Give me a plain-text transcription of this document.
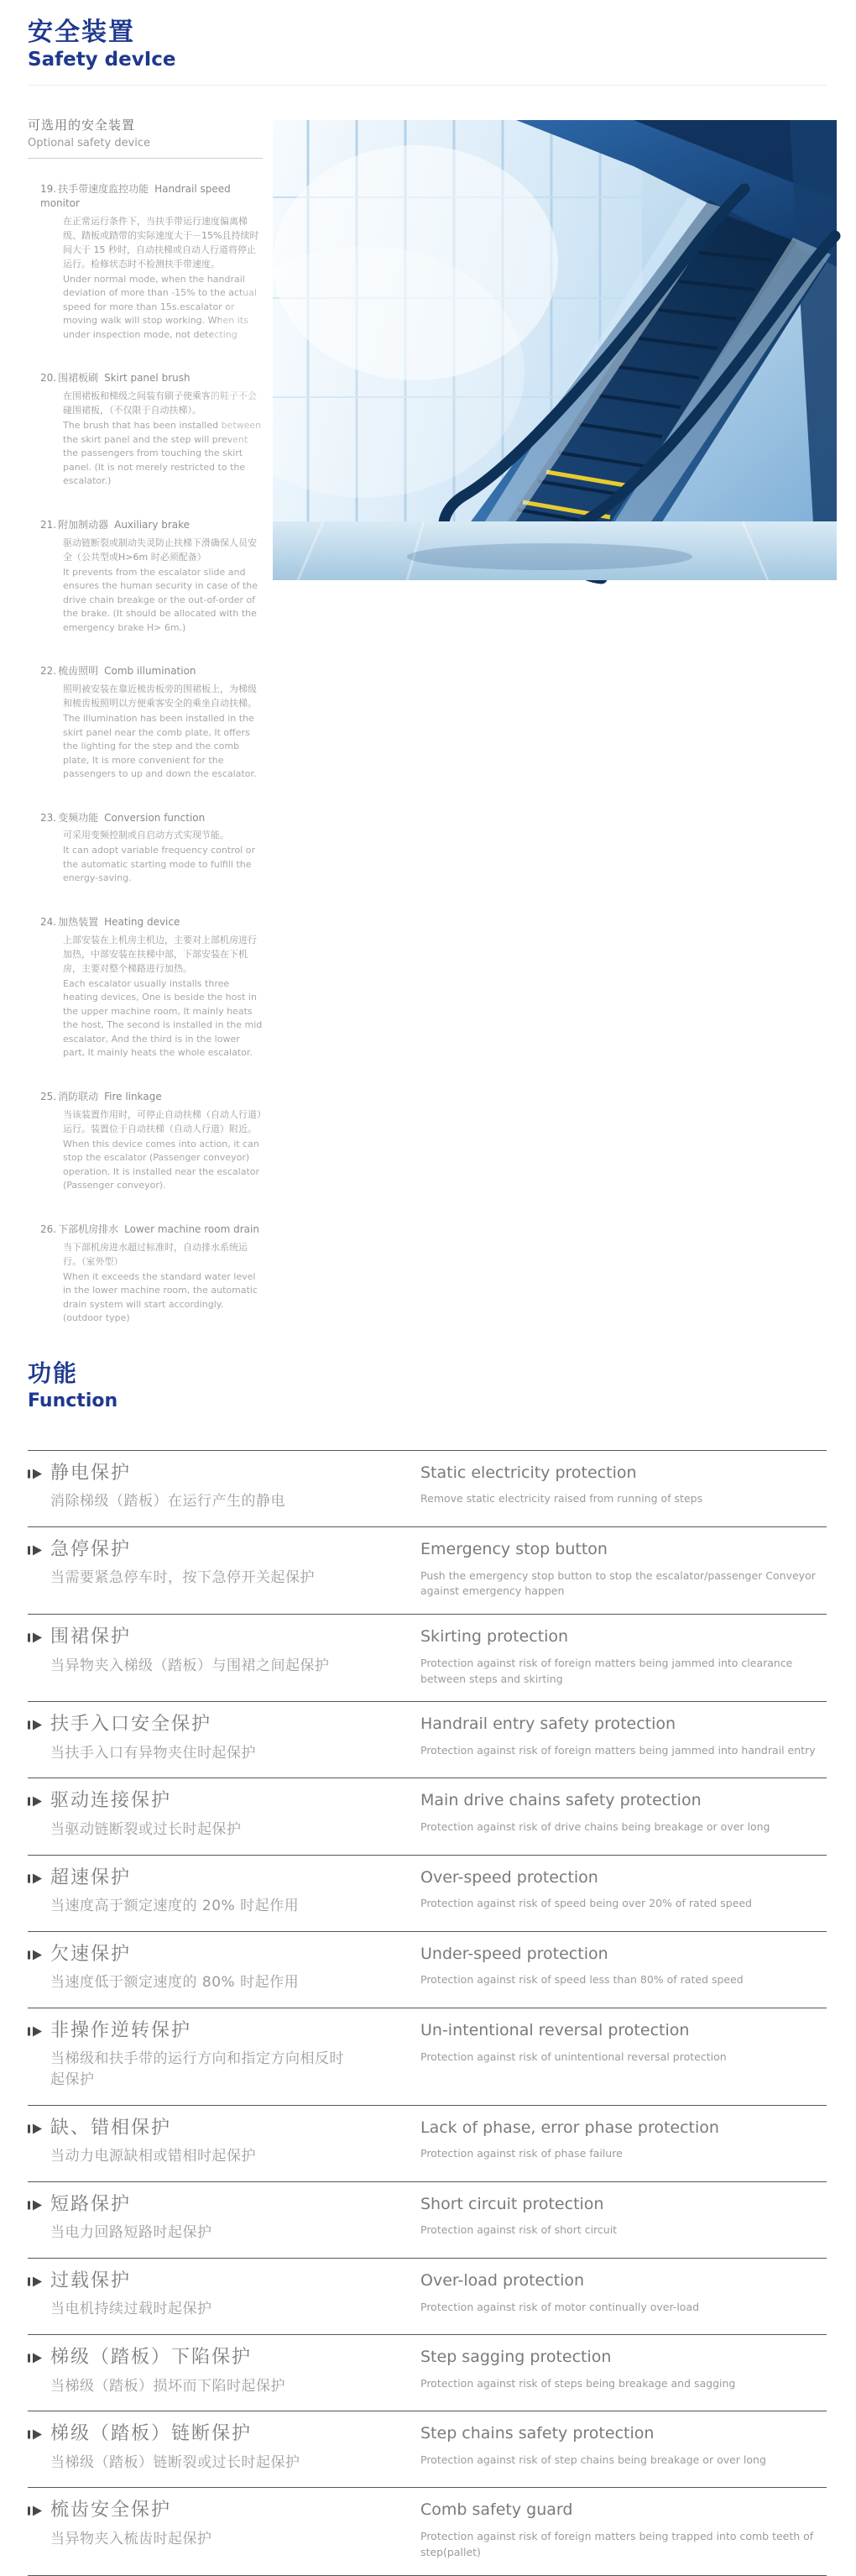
安全装置
Safety devIce
可选用的安全装置
Optional safety device
19. 扶手带速度监控功能 Handrail speed monitor

在正常运行条件下，当扶手带运行速度偏离梯级、踏板或踏带的实际速度大于－15%且持续时间大于 15 秒时，自动扶梯或自动人行道将停止运行。检修状态时不检测扶手带速度。

Under normal mode, when the handrail deviation of more than -15% to the actual speed for more than 15s.escalator or moving walk will stop working. When its under inspection mode, not detecting

20. 围裙板刷 Skirt panel brush

在围裙板和梯级之间装有刷子使乘客的鞋子不会碰围裙板，（不仅限于自动扶梯）。

The brush that has been installed between the skirt panel and the step will prevent the passengers from touching the skirt panel. (It is not merely restricted to the escalator.)

21. 附加制动器 Auxiliary brake

驱动链断裂或制动失灵防止扶梯下滑确保人员安全（公共型或H>6m 时必须配备）

It prevents from the escalator slide and ensures the human security in case of the drive chain breakge or the out-of-order of the brake. (It should be allocated with the emergency brake H> 6m.)

22. 梳齿照明 Comb illumination

照明被安装在靠近梳齿板旁的围裙板上，为梯级和梳齿板照明以方便乘客安全的乘坐自动扶梯。

The illumination has been installed in the skirt panel near the comb plate, It offers the lighting for the step and the comb plate, It is more convenient for the passengers to up and down the escalator.

23. 变频功能 Conversion function

可采用变频控制或自启动方式实现节能。

It can adopt variable frequency control or the automatic starting mode to fulfill the energy-saving.

24. 加热装置 Heating device

上部安装在上机房主机边，主要对上部机房进行加热，中部安装在扶梯中部，下部安装在下机房，主要对整个梯路进行加热。

Each escalator usually installs three heating devices, One is beside the host in the upper machine room, It mainly heats the host, The second is installed in the mid escalator, And the third is in the lower part, It mainly heats the whole escalator.

25. 消防联动 Fire linkage

当该装置作用时，可停止自动扶梯（自动人行道）运行。装置位于自动扶梯（自动人行道）附近。

When this device comes into action, it can stop the escalator (Passenger conveyor) operation. It is installed near the escalator (Passenger conveyor).

26. 下部机房排水 Lower machine room drain

当下部机房进水超过标准时，自动排水系统运行。（室外型）

When it exceeds the standard water level in the lower machine room, the automatic drain system will start accordingly.(outdoor type)

功能
Function
静电保护
消除梯级（踏板）在运行产生的静电
Static electricity protection
Remove static electricity raised from running of steps
急停保护
当需要紧急停车时，按下急停开关起保护
Emergency stop button
Push the emergency stop button to stop the escalator/passenger Conveyor against emergency happen
围裙保护
当异物夹入梯级（踏板）与围裙之间起保护
Skirting protection
Protection against risk of foreign matters being jammed into clearance between steps and skirting
扶手入口安全保护
当扶手入口有异物夹住时起保护
Handrail entry safety protection
Protection against risk of foreign matters being jammed into handrail entry
驱动连接保护
当驱动链断裂或过长时起保护
Main drive chains safety protection
Protection against risk of drive chains being breakage or over long
超速保护
当速度高于额定速度的 20% 时起作用
Over-speed protection
Protection against risk of speed being over 20% of rated speed
欠速保护
当速度低于额定速度的 80% 时起作用
Under-speed protection
Protection against risk of speed less than 80% of rated speed
非操作逆转保护
当梯级和扶手带的运行方向和指定方向相反时起保护
Un-intentional reversal protection
Protection against risk of unintentional reversal protection
缺、错相保护
当动力电源缺相或错相时起保护
Lack of phase, error phase protection
Protection against risk of phase failure
短路保护
当电力回路短路时起保护
Short circuit protection
Protection against risk of short circuit
过载保护
当电机持续过载时起保护
Over-load protection
Protection against risk of motor continually over-load
梯级（踏板）下陷保护
当梯级（踏板）损坏而下陷时起保护
Step sagging protection
Protection against risk of steps being breakage and sagging
梯级（踏板）链断保护
当梯级（踏板）链断裂或过长时起保护
Step chains safety protection
Protection against risk of step chains being breakage or over long
梳齿安全保护
当异物夹入梳齿时起保护
Comb safety guard
Protection against risk of foreign matters being trapped into comb teeth of step(pallet)
